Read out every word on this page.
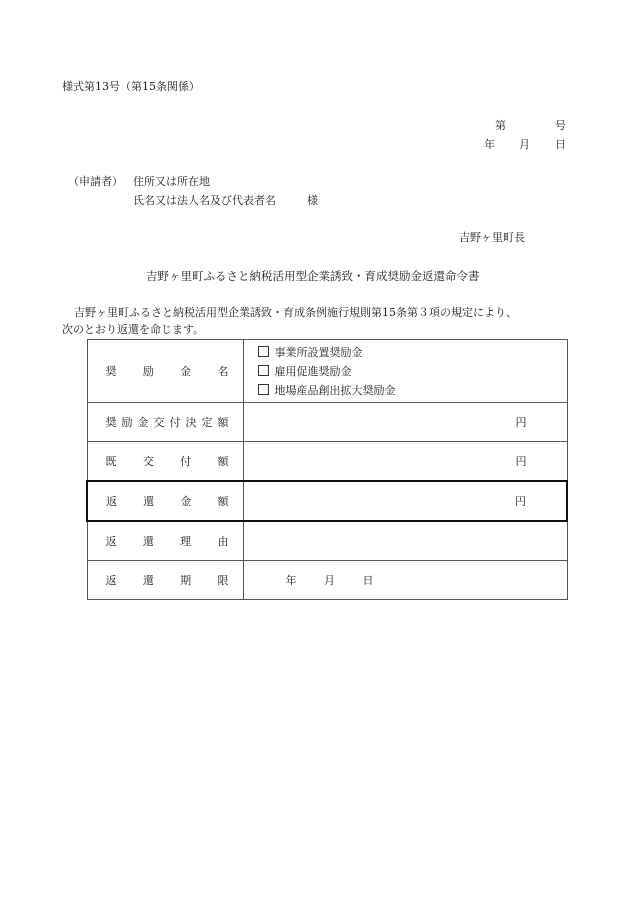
様式第13号（第15条関係）
第	号
年 月 日
（申請者） 住所又は所在地
氏名又は法人名及び代表者名	様
吉野ヶ里町長
吉野ヶ里町ふるさと納税活用型企業誘致・育成奨励金返還命令書
吉野ヶ里町ふるさと納税活用型企業誘致・育成条例施行規則第15条第３項の規定により、
次のとおり返還を命じます。
奨励金名	事業所設置奨励金
雇用促進奨励金
地場産品創出拡大奨励金

奨励金交付決定額	円

既交付額	円

返還金額	円

返還理由	
返還期限	年 月 日
